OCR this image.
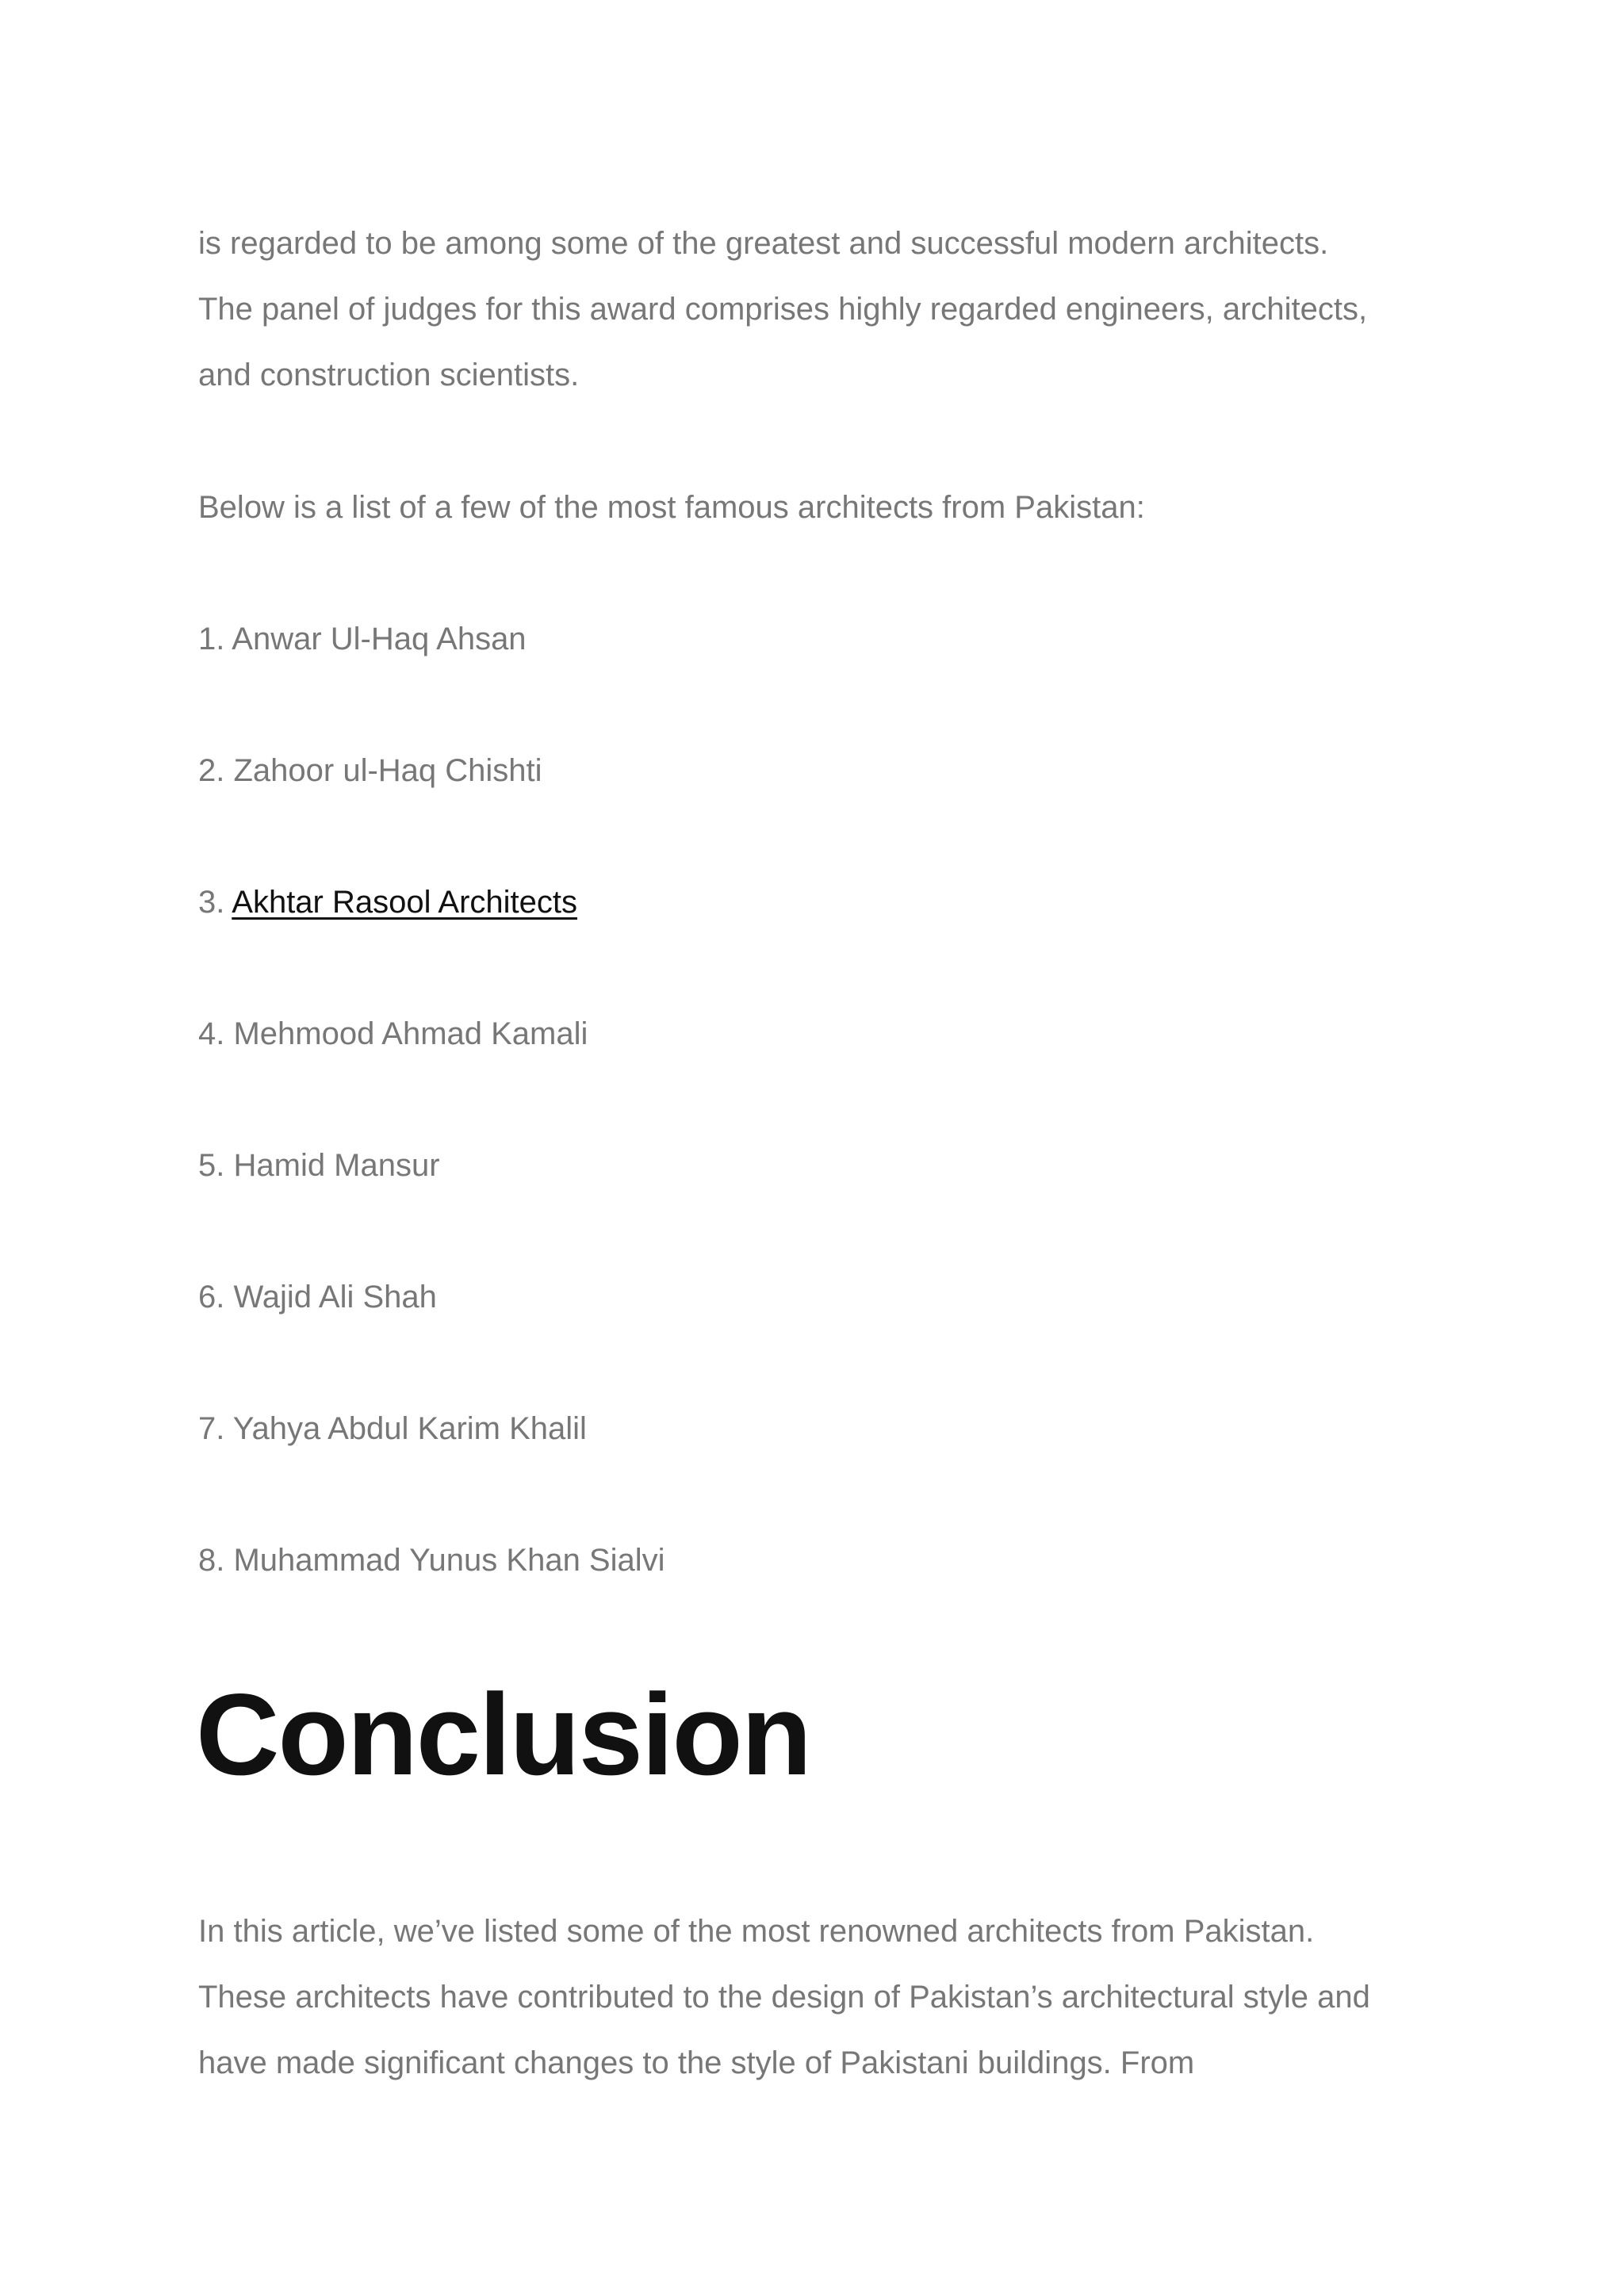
is regarded to be among some of the greatest and successful modern architects.

The panel of judges for this award comprises highly regarded engineers, architects,

and construction scientists.

Below is a list of a few of the most famous architects from Pakistan:

1. Anwar Ul-Haq Ahsan
2. Zahoor ul-Haq Chishti
3. Akhtar Rasool Architects
4. Mehmood Ahmad Kamali
5. Hamid Mansur
6. Wajid Ali Shah
7. Yahya Abdul Karim Khalil
8. Muhammad Yunus Khan Sialvi
Conclusion

In this article, we’ve listed some of the most renowned architects from Pakistan.

These architects have contributed to the design of Pakistan’s architectural style and

have made significant changes to the style of Pakistani buildings. From
